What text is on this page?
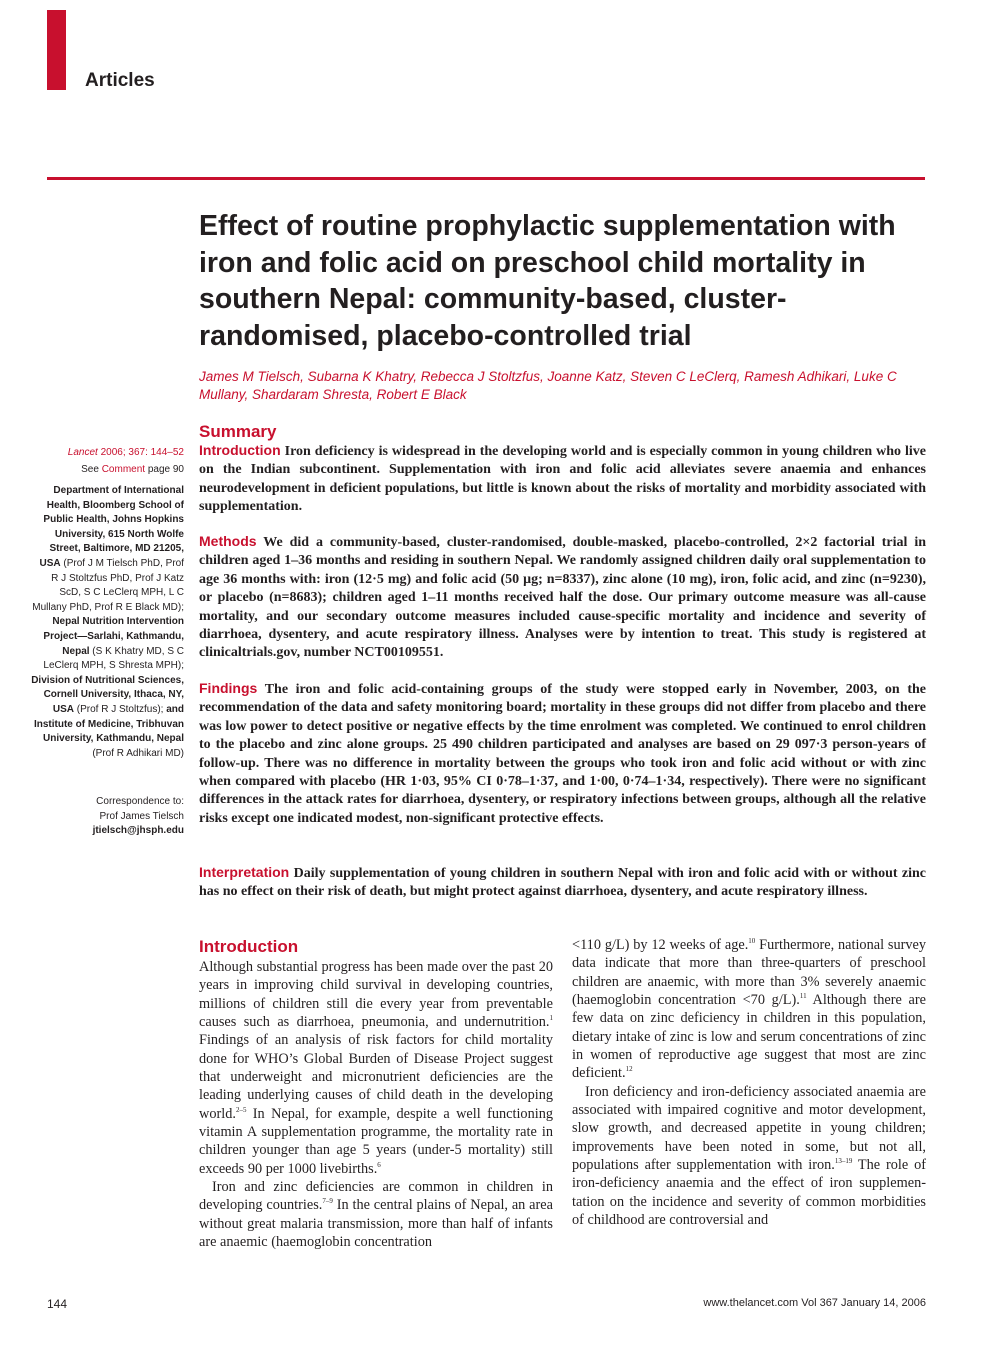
Articles
Effect of routine prophylactic supplementation with iron and folic acid on preschool child mortality in southern Nepal: community-based, cluster-randomised, placebo-controlled trial
James M Tielsch, Subarna K Khatry, Rebecca J Stoltzfus, Joanne Katz, Steven C LeClerq, Ramesh Adhikari, Luke C Mullany, Shardaram Shresta, Robert E Black
Lancet 2006; 367: 144–52
See Comment page 90
Department of International Health, Bloomberg School of Public Health, Johns Hopkins University, 615 North Wolfe Street, Baltimore, MD 21205, USA (Prof J M Tielsch PhD, Prof R J Stoltzfus PhD, Prof J Katz ScD, S C LeClerq MPH, L C Mullany PhD, Prof R E Black MD); Nepal Nutrition Intervention Project—Sarlahi, Kathmandu, Nepal (S K Khatry MD, S C LeClerq MPH, S Shresta MPH); Division of Nutritional Sciences, Cornell University, Ithaca, NY, USA (Prof R J Stoltzfus); and Institute of Medicine, Tribhuvan University, Kathmandu, Nepal (Prof R Adhikari MD)
Correspondence to:
Prof James Tielsch
jtielsch@jhsph.edu
Summary

Introduction Iron deficiency is widespread in the developing world and is especially common in young children who live on the Indian subcontinent. Supplementation with iron and folic acid alleviates severe anaemia and enhances neurodevelopment in deficient populations, but little is known about the risks of mortality and morbidity associated with supplementation.

Methods We did a community-based, cluster-randomised, double-masked, placebo-controlled, 2×2 factorial trial in children aged 1–36 months and residing in southern Nepal. We randomly assigned children daily oral supplementation to age 36 months with: iron (12·5 mg) and folic acid (50 μg; n=8337), zinc alone (10 mg), iron, folic acid, and zinc (n=9230), or placebo (n=8683); children aged 1–11 months received half the dose. Our primary outcome measure was all-cause mortality, and our secondary outcome measures included cause-specific mortality and incidence and severity of diarrhoea, dysentery, and acute respiratory illness. Analyses were by intention to treat. This study is registered at clinicaltrials.gov, number NCT00109551.

Findings The iron and folic acid-containing groups of the study were stopped early in November, 2003, on the recommendation of the data and safety monitoring board; mortality in these groups did not differ from placebo and there was low power to detect positive or negative effects by the time enrolment was completed. We continued to enrol children to the placebo and zinc alone groups. 25 490 children participated and analyses are based on 29 097·3 person-years of follow-up. There was no difference in mortality between the groups who took iron and folic acid without or with zinc when compared with placebo (HR 1·03, 95% CI 0·78–1·37, and 1·00, 0·74–1·34, respectively). There were no significant differences in the attack rates for diarrhoea, dysentery, or respiratory infections between groups, although all the relative risks except one indicated modest, non-significant protective effects.

Interpretation Daily supplementation of young children in southern Nepal with iron and folic acid with or without zinc has no effect on their risk of death, but might protect against diarrhoea, dysentery, and acute respiratory illness.

Introduction

Although substantial progress has been made over the past 20 years in improving child survival in developing countries, millions of children still die every year from preventable causes such as diarrhoea, pneumonia, and undernutrition.$^1$ Findings of an analysis of risk factors for child mortality done for WHO’s Global Burden of Disease Project suggest that underweight and micronutrient deficiencies are the leading underlying causes of child death in the developing world.$^{2-5}$ In Nepal, for example, despite a well functioning vitamin A supplementation programme, the mortality rate in children younger than age 5 years (under-5 mortality) still exceeds 90 per 1000 livebirths.$^6$

Iron and zinc deficiencies are common in children in developing countries.$^{7-9}$ In the central plains of Nepal, an area without great malaria transmission, more than half of infants are anaemic (haemoglobin concentration

<110 g/L) by 12 weeks of age.$^{10}$ Furthermore, national survey data indicate that more than three-quarters of preschool children are anaemic, with more than 3% severely anaemic (haemoglobin concentration <70 g/L).$^{11}$ Although there are few data on zinc deficiency in children in this population, dietary intake of zinc is low and serum concentrations of zinc in women of reproductive age suggest that most are zinc deficient.$^{12}$

Iron deficiency and iron-deficiency associated anaemia are associated with impaired cognitive and motor development, slow growth, and decreased appetite in young children; improvements have been noted in some, but not all, populations after supplementation with iron.$^{13-19}$ The role of iron-deficiency anaemia and the effect of iron supplemen-tation on the incidence and severity of common morbidities of childhood are controversial and

144	www.thelancet.com Vol 367 January 14, 2006
